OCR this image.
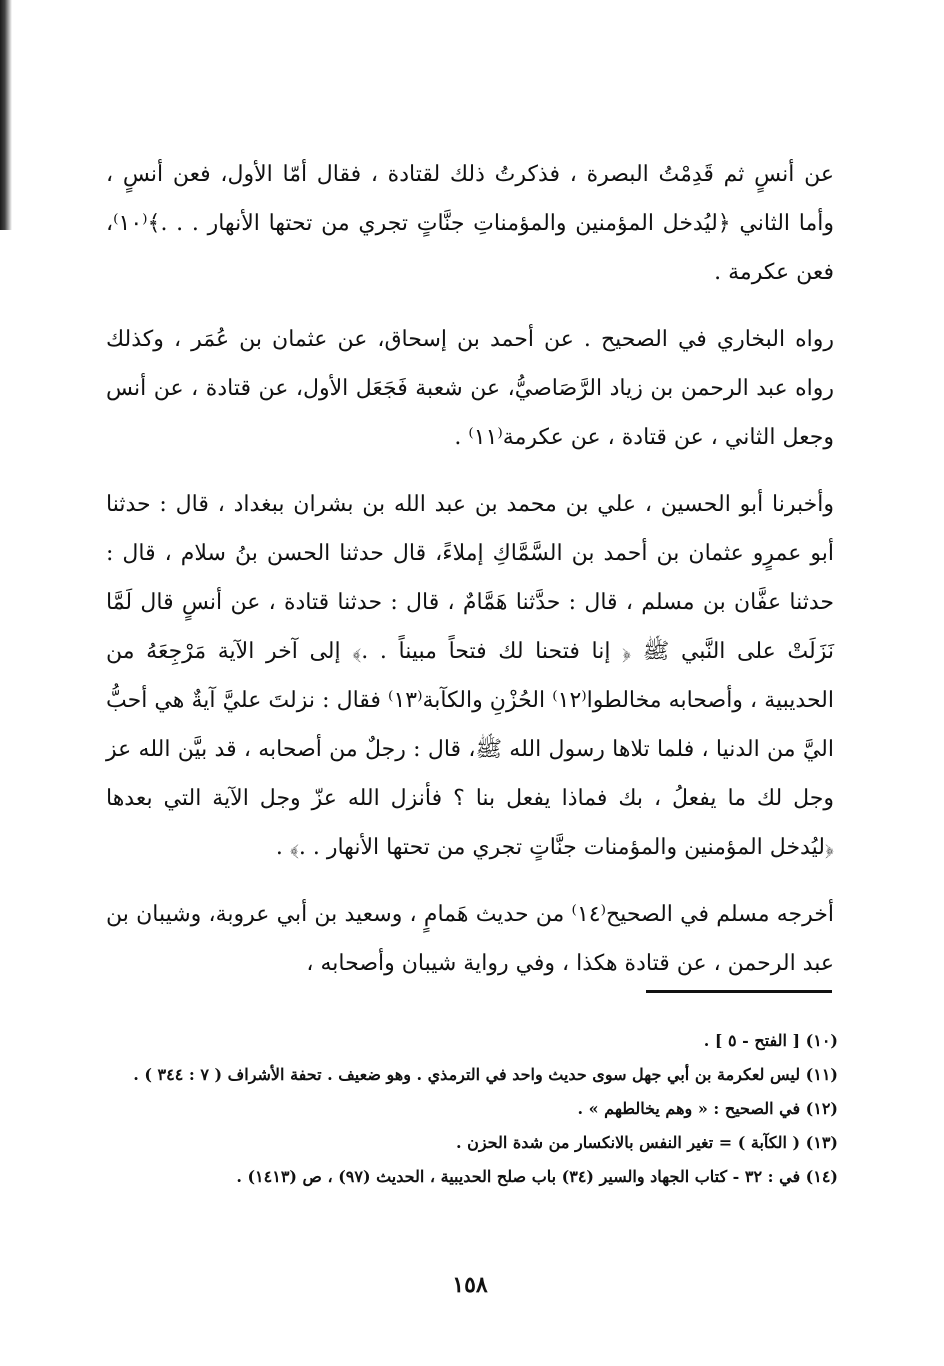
عن أنسٍ ثم قَدِمْتُ البصرة ، فذكرتُ ذلك لقتادة ، فقال أمّا الأول، فعن أنسٍ ، وأما الثاني ﴿ليُدخل المؤمنين والمؤمناتِ جنَّاتٍ تجري من تحتها الأنهار . . .﴾⁽١٠⁾، فعن عكرمة .

رواه البخاري في الصحيح . عن أحمد بن إسحاق، عن عثمان بن عُمَر ، وكذلك رواه عبد الرحمن بن زياد الرَّصَاصيُّ، عن شعبة فَجَعَل الأول، عن قتادة ، عن أنس وجعل الثاني ، عن قتادة ، عن عكرمة⁽١١⁾ .

وأخبرنا أبو الحسين ، علي بن محمد بن عبد الله بن بشران ببغداد ، قال : حدثنا أبو عمرٍو عثمان بن أحمد بن السَّمَّاكِ إملاءً، قال حدثنا الحسن بنُ سلام ، قال : حدثنا عفَّان بن مسلم ، قال : حدَّثنا هَمَّامٌ ، قال : حدثنا قتادة ، عن أنسٍ قال لَمَّا نَزَلَتْ على النَّبي ﷺ ﴿ إنا فتحنا لك فتحاً مبيناً . .﴾ إلى آخر الآية مَرْجِعَهُ من الحديبية ، وأصحابه مخالطوا⁽١٢⁾ الحُزْنِ والكآبة⁽١٣⁾ فقال : نزلتَ عليَّ آيةٌ هي أحبُّ اليَّ من الدنيا ، فلما تلاها رسول الله ﷺ، قال : رجلٌ من أصحابه ، قد بيَّن الله عز وجل لك ما يفعلُ ، بك فماذا يفعل بنا ؟ فأنزل الله عزّ وجل الآية التي بعدها ﴿ليُدخل المؤمنين والمؤمنات جنَّاتٍ تجري من تحتها الأنهار . .﴾ .

أخرجه مسلم في الصحيح⁽١٤⁾ من حديث هَمامٍ ، وسعيد بن أبي عروبة، وشيبان بن عبد الرحمن ، عن قتادة هكذا ، وفي رواية شيبان وأصحابه ،

(١٠) [ الفتح - ٥ ] .

(١١) ليس لعكرمة بن أبي جهل سوى حديث واحد في الترمذي . وهو ضعيف . تحفة الأشراف ( ٧ : ٣٤٤ ) .

(١٢) في الصحيح : « وهم يخالطهم » .

(١٣) ( الكآبة ) = تغير النفس بالانكسار من شدة الحزن .

(١٤) في : ٣٢ - كتاب الجهاد والسير (٣٤) باب صلح الحديبية ، الحديث (٩٧) ، ص (١٤١٣) .

١٥٨
